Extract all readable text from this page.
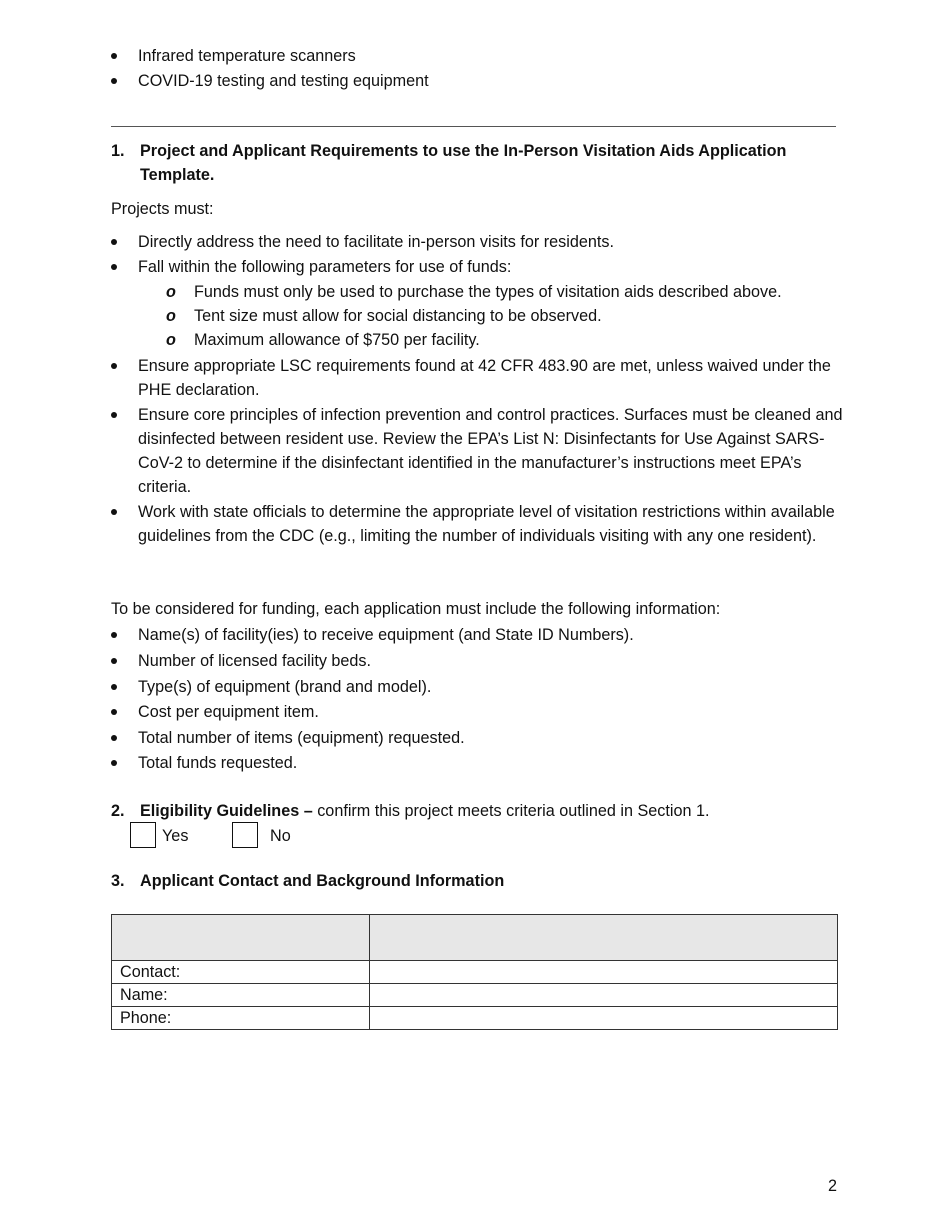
Infrared temperature scanners
COVID-19 testing and testing equipment
1. Project and Applicant Requirements to use the In-Person Visitation Aids Application
Template.
Projects must:
Directly address the need to facilitate in-person visits for residents.
Fall within the following parameters for use of funds:
o Funds must only be used to purchase the types of visitation aids described above.
o Tent size must allow for social distancing to be observed.
o Maximum allowance of $750 per facility.
Ensure appropriate LSC requirements found at 42 CFR 483.90 are met, unless waived under the PHE declaration.
Ensure core principles of infection prevention and control practices. Surfaces must be cleaned and disinfected between resident use. Review the EPA’s List N: Disinfectants for Use Against SARS-CoV-2 to determine if the disinfectant identified in the manufacturer’s instructions meet EPA’s criteria.
Work with state officials to determine the appropriate level of visitation restrictions within available guidelines from the CDC (e.g., limiting the number of individuals visiting with any one resident).
To be considered for funding, each application must include the following information:
Name(s) of facility(ies) to receive equipment (and State ID Numbers).
Number of licensed facility beds.
Type(s) of equipment (brand and model).
Cost per equipment item.
Total number of items (equipment) requested.
Total funds requested.
2. Eligibility Guidelines – confirm this project meets criteria outlined in Section 1.
Yes	No
3. Applicant Contact and Background Information

Contact:	
Name:	
Phone:	
2
